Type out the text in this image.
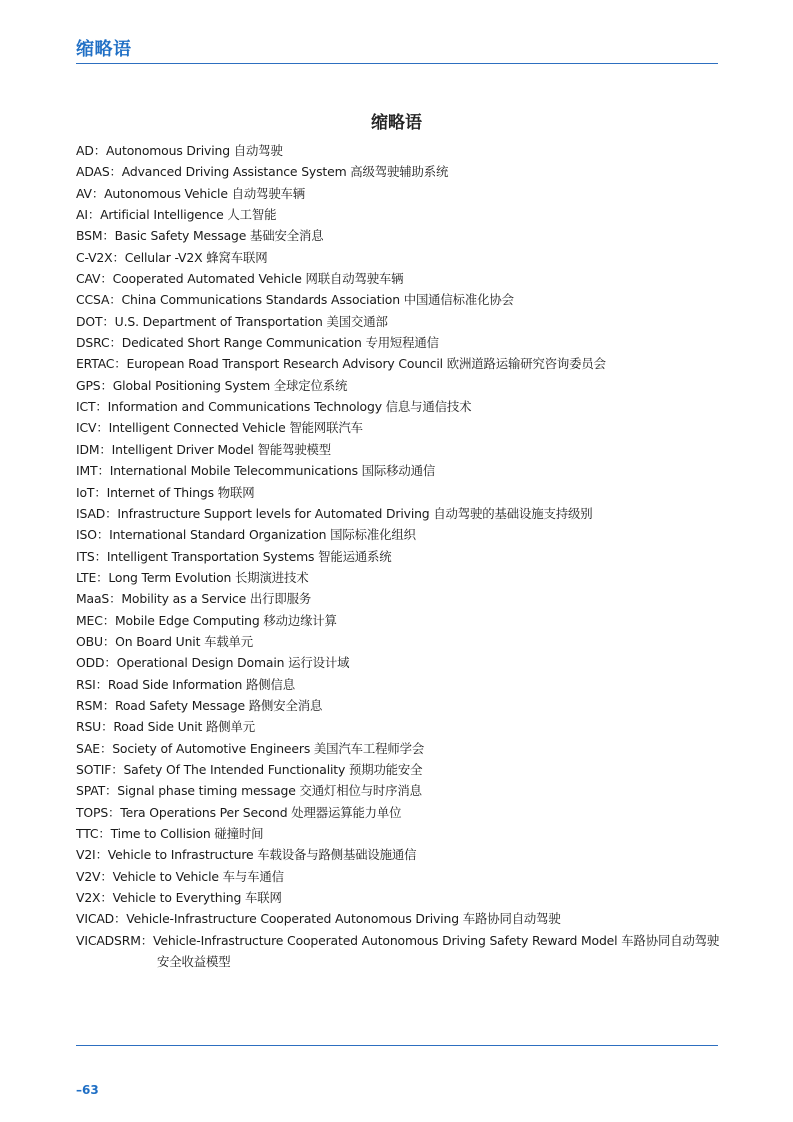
缩略语
缩略语
AD：Autonomous Driving 自动驾驶
ADAS：Advanced Driving Assistance System 高级驾驶辅助系统
AV：Autonomous Vehicle 自动驾驶车辆
AI：Artificial Intelligence 人工智能
BSM：Basic Safety Message 基础安全消息
C-V2X：Cellular -V2X 蜂窝车联网
CAV：Cooperated Automated Vehicle 网联自动驾驶车辆
CCSA：China Communications Standards Association 中国通信标准化协会
DOT：U.S. Department of Transportation 美国交通部
DSRC：Dedicated Short Range Communication 专用短程通信
ERTAC：European Road Transport Research Advisory Council 欧洲道路运输研究咨询委员会
GPS：Global Positioning System 全球定位系统
ICT：Information and Communications Technology 信息与通信技术
ICV：Intelligent Connected Vehicle 智能网联汽车
IDM：Intelligent Driver Model 智能驾驶模型
IMT：International Mobile Telecommunications 国际移动通信
IoT：Internet of Things 物联网
ISAD：Infrastructure Support levels for Automated Driving 自动驾驶的基础设施支持级别
ISO：International Standard Organization 国际标准化组织
ITS：Intelligent Transportation Systems 智能运通系统
LTE：Long Term Evolution 长期演进技术
MaaS：Mobility as a Service 出行即服务
MEC：Mobile Edge Computing 移动边缘计算
OBU：On Board Unit 车载单元
ODD：Operational Design Domain 运行设计域
RSI：Road Side Information 路侧信息
RSM：Road Safety Message 路侧安全消息
RSU：Road Side Unit 路侧单元
SAE：Society of Automotive Engineers 美国汽车工程师学会
SOTIF：Safety Of The Intended Functionality 预期功能安全
SPAT：Signal phase timing message 交通灯相位与时序消息
TOPS：Tera Operations Per Second 处理器运算能力单位
TTC：Time to Collision 碰撞时间
V2I：Vehicle to Infrastructure 车载设备与路侧基础设施通信
V2V：Vehicle to Vehicle 车与车通信
V2X：Vehicle to Everything 车联网
VICAD：Vehicle-Infrastructure Cooperated Autonomous Driving 车路协同自动驾驶
VICADSRM：Vehicle-Infrastructure Cooperated Autonomous Driving Safety Reward Model 车路协同自动驾驶
安全收益模型
–63
